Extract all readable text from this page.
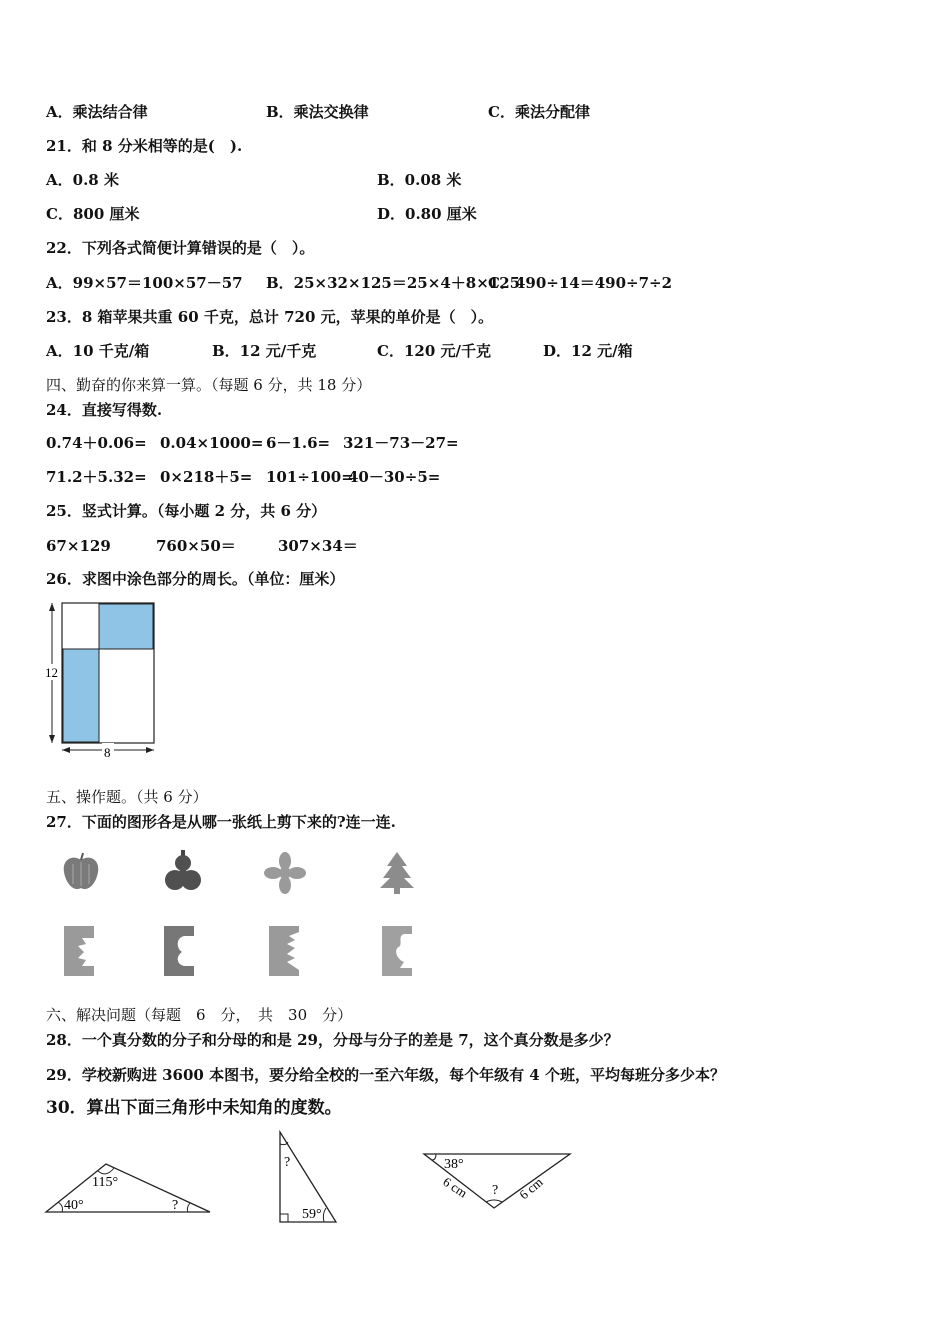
A．乘法结合律	B．乘法交换律	C．乘法分配律
21．和 8 分米相等的是(　).
A．0.8 米	B．0.08 米
C．800 厘米	D．0.80 厘米
22．下列各式简便计算错误的是（　）。
A．99×57＝100×57－57 B．25×32×125＝25×4＋8×125
C．490÷14＝490÷7÷2
23．8 箱苹果共重 60 千克，总计 720 元，苹果的单价是（　）。
A．10 千克/箱	B．12 元/千克	C．120 元/千克	D．12 元/箱
四、勤奋的你来算一算。（每题 6 分，共 18 分）
24．直接写得数.
0.74＋0.06= 0.04×1000= 6－1.6= 321－73－27=
71.2＋5.32= 0×218＋5= 101÷100=
40－30÷5=
25．竖式计算。（每小题 2 分，共 6 分）
67×129	760×50＝	307×34＝
26．求图中涂色部分的周长。（单位：厘米）
12
8
五、操作题。（共 6 分）
27．下面的图形各是从哪一张纸上剪下来的?连一连.
六、解决问题（每题　6　分，　共　30　分）
28．一个真分数的分子和分母的和是 29，分母与分子的差是 7，这个真分数是多少？
29．学校新购进 3600 本图书，要分给全校的一至六年级，每个年级有 4 个班，平均每班分多少本？
30．算出下面三角形中未知角的度数。
115°
40°	?
?
59°
38°
6 cm	6 cm
?
